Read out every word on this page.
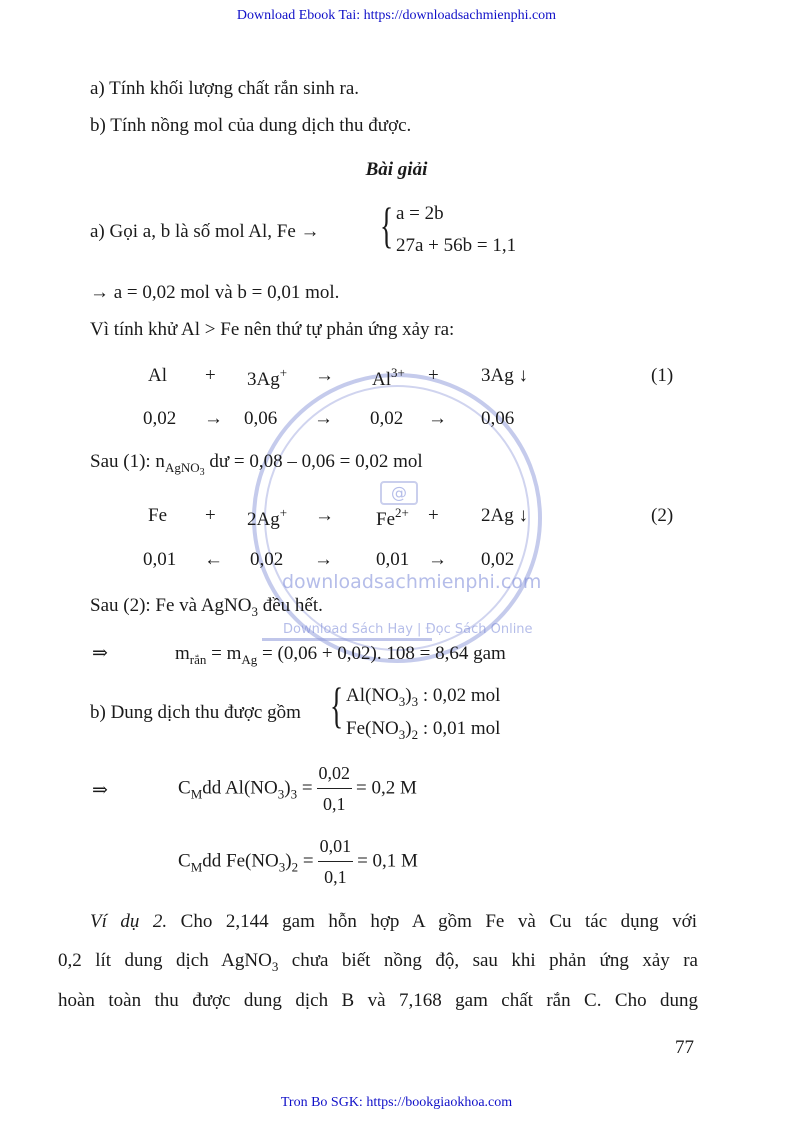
Download Ebook Tai: https://downloadsachmienphi.com
@
downloadsachmienphi.com
Download Sách Hay | Đọc Sách Online
a) Tính khối lượng chất rắn sinh ra.
b) Tính nồng mol của dung dịch thu được.
Bài giải
a) Gọi a, b là số mol Al, Fe → { a = 2b
27a + 56b = 1,1
→ a = 0,02 mol và b = 0,01 mol.
Vì tính khử Al > Fe nên thứ tự phản ứng xảy ra:
$Al + 3Ag^+ \to Al^{3+} + 3Ag$ ↓	(1)
0,02 → 0,06 → 0,02 → 0,06
Sau (1): $n_{AgNO3}$ dư = 0,08 – 0,06 = 0,02 mol
$Fe + 2Ag^+ \to Fe^{2+} + 2Ag$ ↓	(2)
0,01 ← 0,02 → 0,01 → 0,02
Sau (2): Fe và AgNO$_3$ đều hết.
⇒	$m_{rắn} = m_{Ag} = (0,06 + 0,02)$. 108 = 8,64 gam
b) Dung dịch thu được gồm { $Al(NO_3)_3$ : 0,02 mol
$Fe(NO_3)_2$ : 0,01 mol
⇒	$C_Mdd$ $Al(NO_3)_3 = \frac{0,02}{0,1} = 0,2$ M
$C_Mdd$ $Fe(NO_3)_2 = \frac{0,01}{0,1} = 0,1$ M
Ví dụ 2. Cho 2,144 gam hỗn hợp A gồm Fe và Cu tác dụng với
0,2 lít dung dịch AgNO$_3$ chưa biết nồng độ, sau khi phản ứng xảy ra
hoàn toàn thu được dung dịch B và 7,168 gam chất rắn C. Cho dung
77
Tron Bo SGK: https://bookgiaokhoa.com
